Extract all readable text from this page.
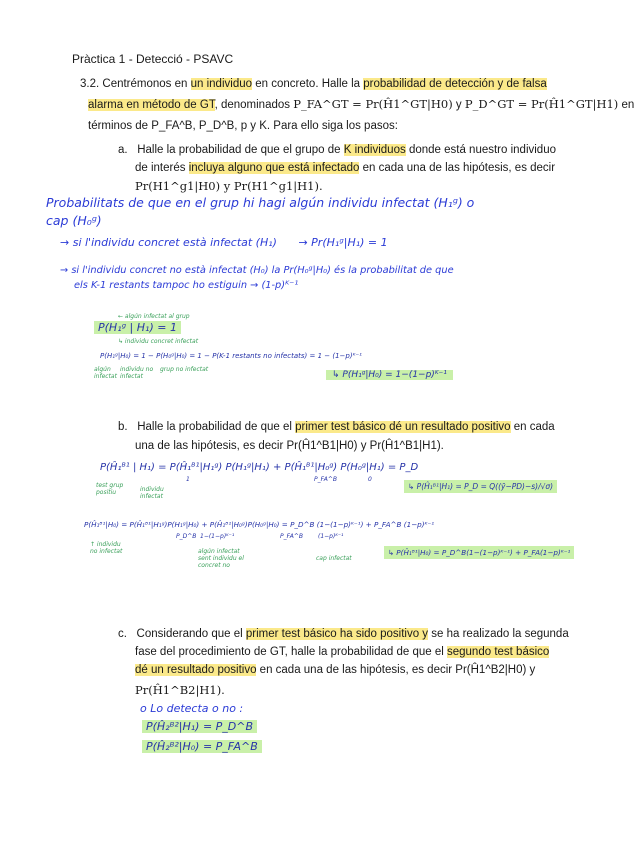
Pràctica 1 - Detecció - PSAVC
3.2. Centrémonos en un individuo en concreto. Halle la probabilidad de detección y de falsa
alarma en método de GT, denominados P_FA^GT = Pr(Ĥ1^GT|H0) y P_D^GT = Pr(Ĥ1^GT|H1) en
términos de P_FA^B, P_D^B, p y K. Para ello siga los pasos:
a. Halle la probabilidad de que el grupo de K individuos donde está nuestro individuo
de interés incluya alguno que está infectado en cada una de las hipótesis, es decir
Pr(H1^g1|H0) y Pr(H1^g1|H1).
Probabilitats de que en el grup hi hagi algún individu infectat (H₁ᵍ) o
cap (H₀ᵍ)
→ si l'individu concret està infectat (H₁) → Pr(H₁ᵍ|H₁) = 1
→ si l'individu concret no està infectat (H₀) la Pr(H₀ᵍ|H₀) és la probabilitat de que
els K-1 restants tampoc ho estiguin → (1-p)ᴷ⁻¹
← algún infectat al grup
P(H₁ᵍ | H₁) = 1
↳ individu concret infectat
P(H₁ᵍ|H₀) = 1 − P(H₀ᵍ|H₀) = 1 − P(K-1 restants no infectats) = 1 − (1−p)ᴷ⁻¹
algún infectat
individu no infectat
grup no infectat
↳ P(H₁ᵍ|H₀) = 1−(1−p)ᴷ⁻¹
b. Halle la probabilidad de que el primer test básico dé un resultado positivo en cada
una de las hipótesis, es decir Pr(Ĥ1^B1|H0) y Pr(Ĥ1^B1|H1).
P(Ĥ₁ᴮ¹ | H₁) = P(Ĥ₁ᴮ¹|H₁ᵍ) P(H₁ᵍ|H₁) + P(Ĥ₁ᴮ¹|H₀ᵍ) P(H₀ᵍ|H₁) = P_D
1	P_FA^B	0
test grup positiu	individu infectat
↳ P(Ĥ₁ᴮ¹|H₁) = P_D = Q((ȳ−PD)−s)/√σ)
P(Ĥ₁ᴮ¹|H₀) = P(Ĥ₁ᴮ¹|H₁ᵍ)P(H₁ᵍ|H₀) + P(Ĥ₁ᴮ¹|H₀ᵍ)P(H₀ᵍ|H₀) = P_D^B (1−(1−p)ᴷ⁻¹) + P_FA^B (1−p)ᴷ⁻¹
P_D^B 1−(1−p)ᴷ⁻¹	P_FA^B	(1−p)ᴷ⁻¹
↑ individu no infectat	algún infectat sent individu el concret no
cap infectat
↳ P(Ĥ₁ᴮ¹|H₀) = P_D^B(1−(1−p)ᴷ⁻¹) + P_FA(1−p)ᴷ⁻¹
c. Considerando que el primer test básico ha sido positivo y se ha realizado la segunda
fase del procedimiento de GT, halle la probabilidad de que el segundo test básico
dé un resultado positivo en cada una de las hipótesis, es decir Pr(Ĥ1^B2|H0) y
Pr(Ĥ1^B2|H1).
o Lo detecta o no :
P(Ĥ₂ᴮ²|H₁) = P_D^B
P(Ĥ₂ᴮ²|H₀) = P_FA^B
